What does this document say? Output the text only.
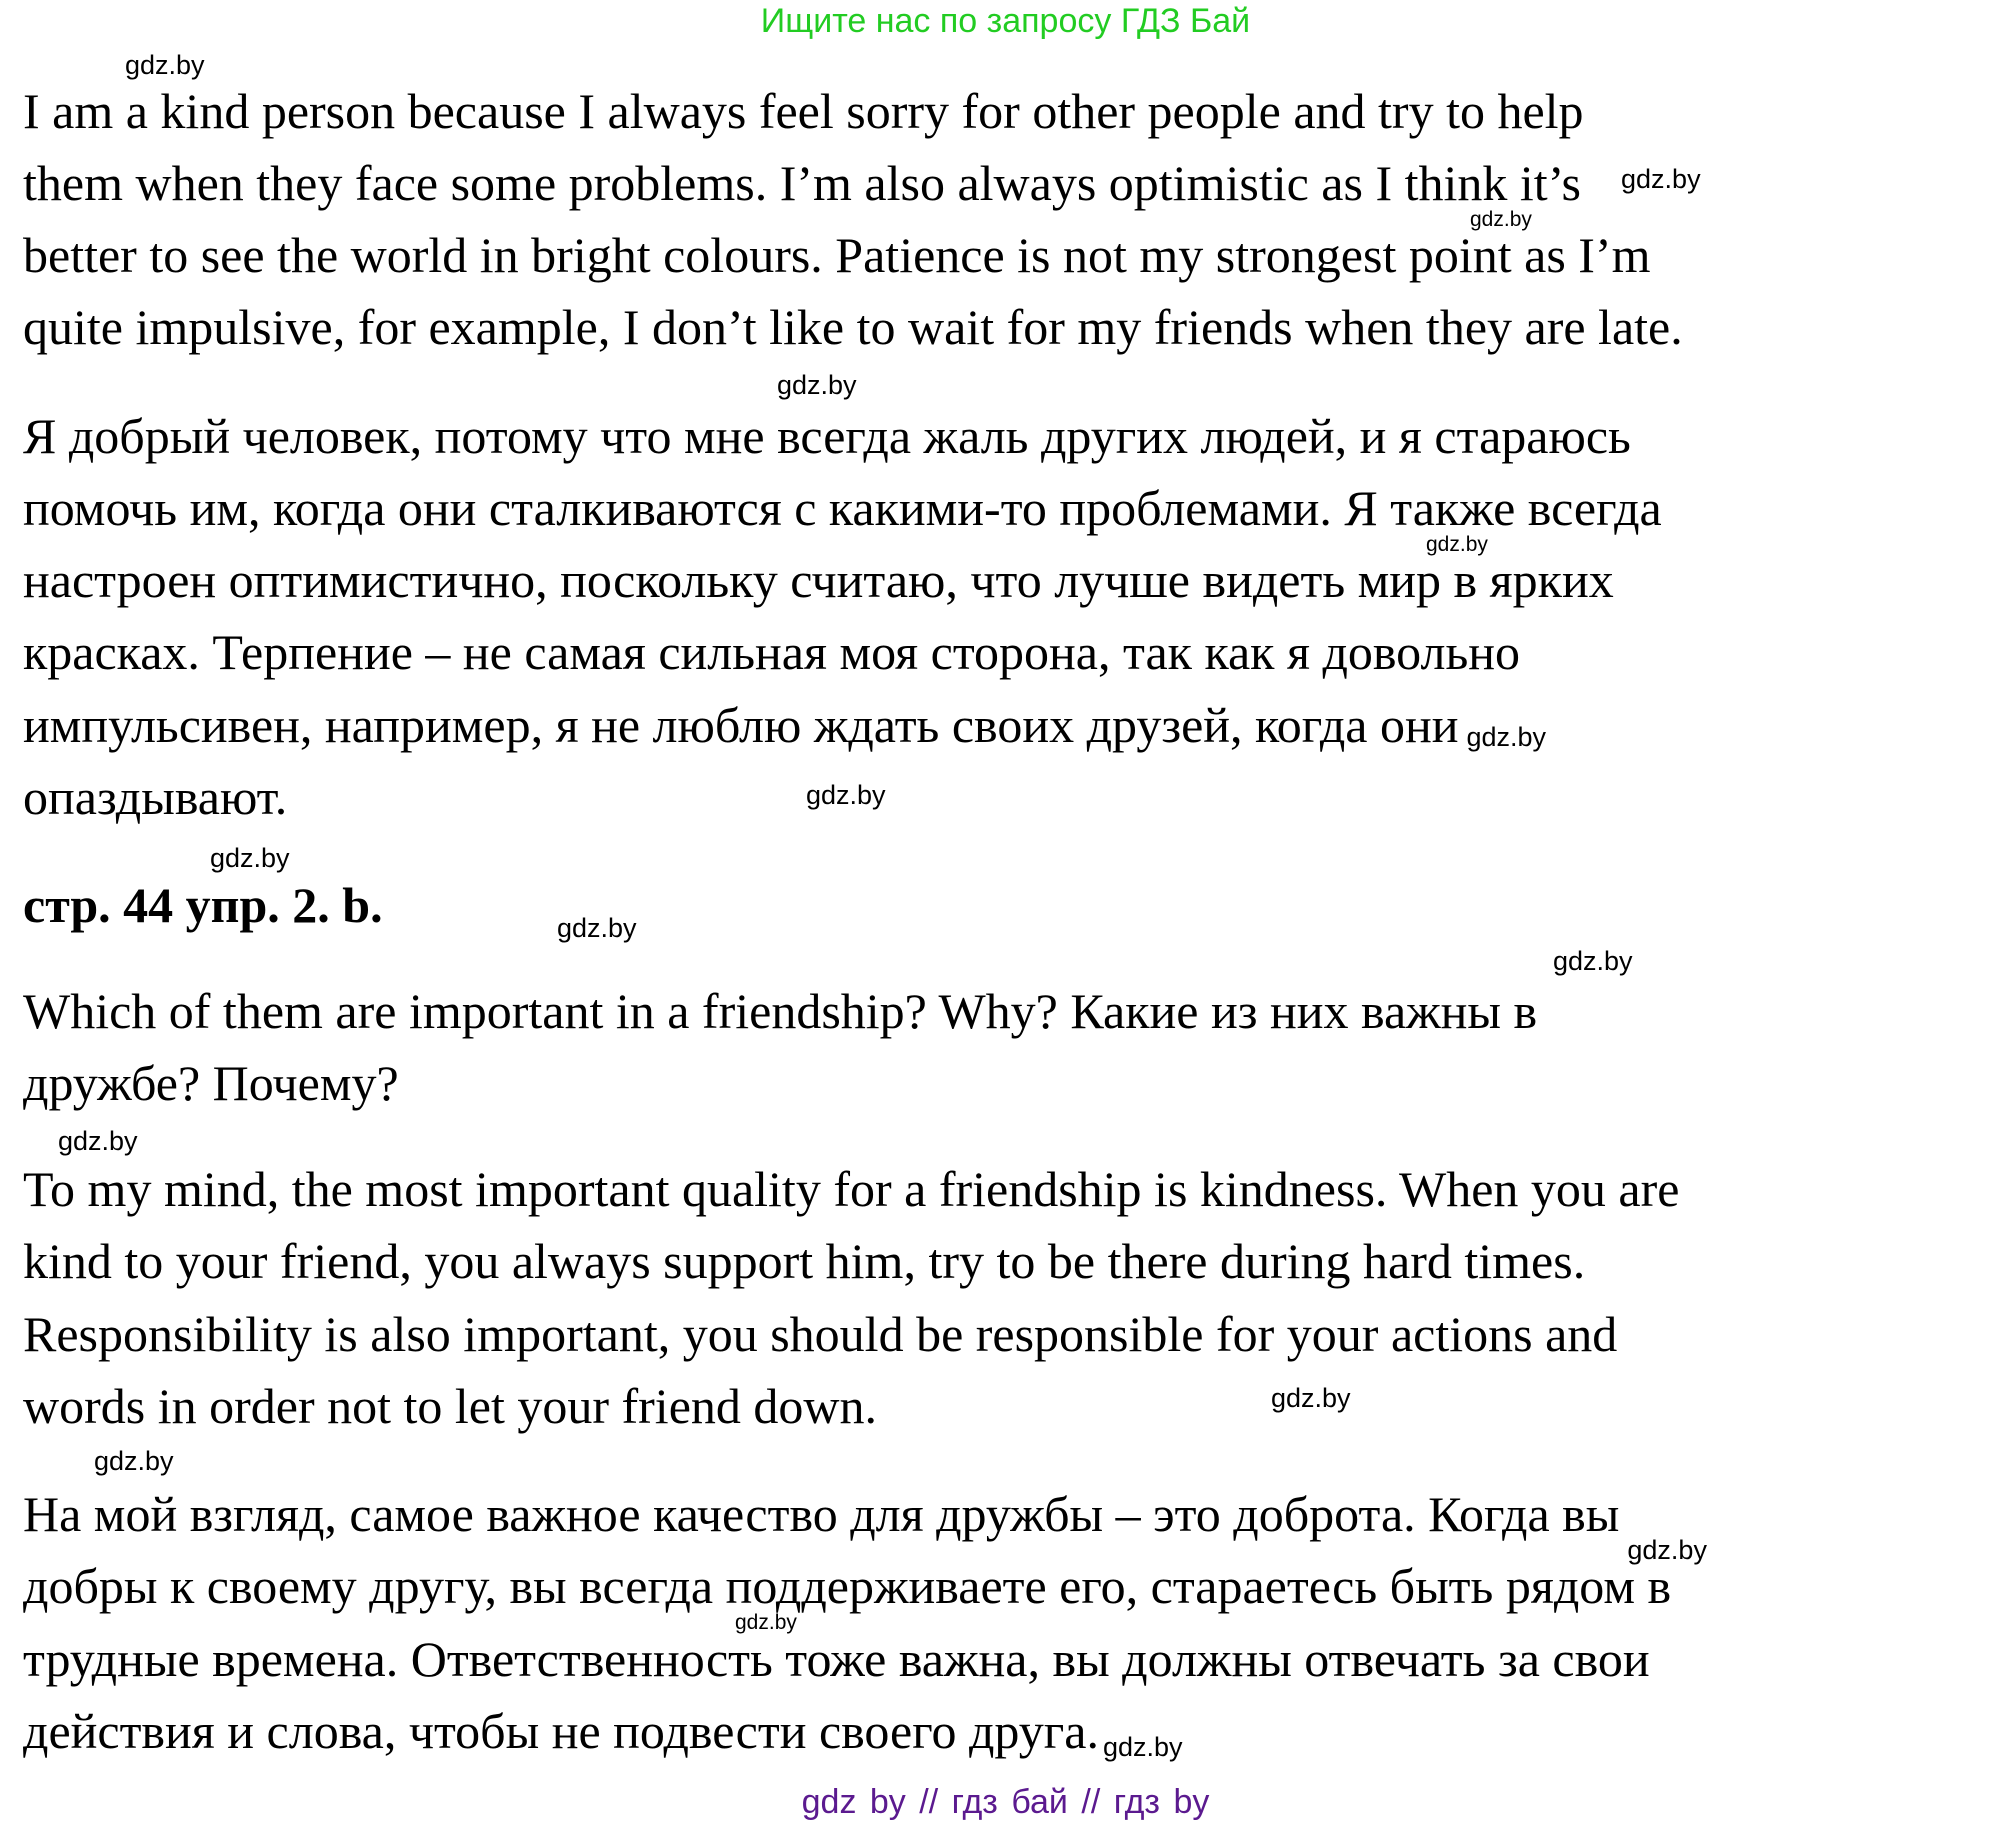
Ищите нас по запросу ГДЗ Бай
I am a kind person because I always feel sorry for other people and try to help
them when they face some problems. I’m also always optimistic as I think it’s gdz.by
better to see the world in bright colours. Patience is not my strongest point as I’m
quite impulsive, for example, I don’t like to wait for my friends when they are late.
Я добрый человек, потому что мне всегда жаль других людей, и я стараюсь
помочь им, когда они сталкиваются с какими-то проблемами. Я также всегда
настроен оптимистично, поскольку считаю, что лучше видеть мир в ярких
красках. Терпение – не самая сильная моя сторона, так как я довольно
импульсивен, например, я не люблю ждать своих друзей, когда они gdz.by
опаздывают.
стр. 44 упр. 2. b.
Which of them are important in a friendship? Why? Какие из них важны в
дружбе? Почему?
To my mind, the most important quality for a friendship is kindness. When you are
kind to your friend, you always support him, try to be there during hard times.
Responsibility is also important, you should be responsible for your actions and
words in order not to let your friend down.
На мой взгляд, самое важное качество для дружбы – это доброта. Когда выgdz.by
добры к своему другу, вы всегда поддерживаете его, стараетесь быть рядом в
трудные времена. Ответственность тоже важна, вы должны отвечать за свои
действия и слова, чтобы не подвести своего друга. gdz.by
gdz.by
gdz.by
gdz.by
gdz.by
gdz.by
gdz.by
gdz.by
gdz.by
gdz.by
gdz.by
gdz.by
gdz.by
gdz by // гдз бай // гдз by
